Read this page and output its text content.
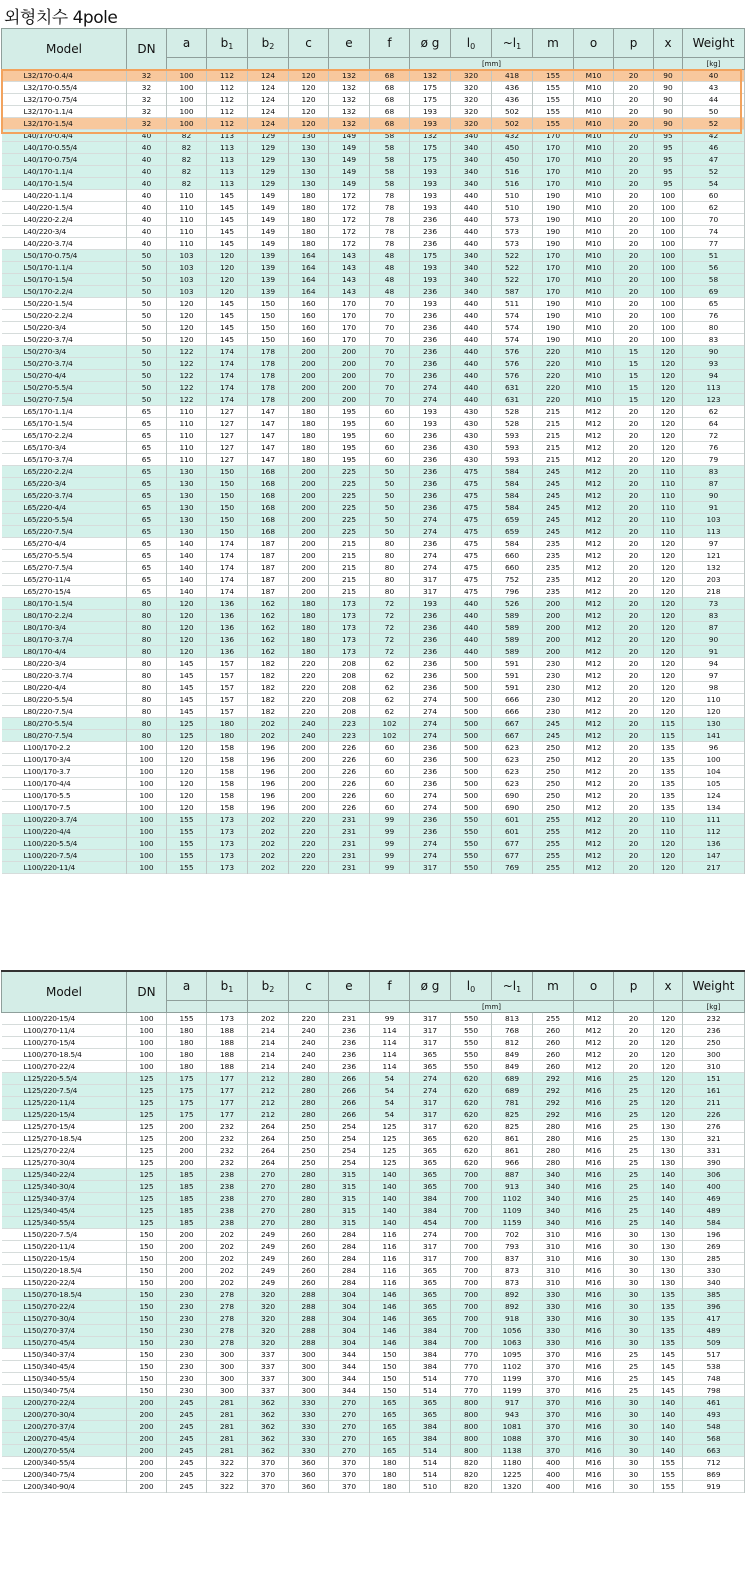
외형치수 4pole
Model	DN	a	b1	b2	c	e	f	ø g	l0	~l1	m	o	p	x	Weight
								[mm]							[kg]
L32/170-0.4/4	32	100	112	124	120	132	68	132	320	418	155	M10	20	90	40
L32/170-0.55/4	32	100	112	124	120	132	68	175	320	436	155	M10	20	90	43
L32/170-0.75/4	32	100	112	124	120	132	68	175	320	436	155	M10	20	90	44
L32/170-1.1/4	32	100	112	124	120	132	68	193	320	502	155	M10	20	90	50
L32/170-1.5/4	32	100	112	124	120	132	68	193	320	502	155	M10	20	90	52
L40/170-0.4/4	40	82	113	129	130	149	58	132	340	432	170	M10	20	95	42
L40/170-0.55/4	40	82	113	129	130	149	58	175	340	450	170	M10	20	95	46
L40/170-0.75/4	40	82	113	129	130	149	58	175	340	450	170	M10	20	95	47
L40/170-1.1/4	40	82	113	129	130	149	58	193	340	516	170	M10	20	95	52
L40/170-1.5/4	40	82	113	129	130	149	58	193	340	516	170	M10	20	95	54
L40/220-1.1/4	40	110	145	149	180	172	78	193	440	510	190	M10	20	100	60
L40/220-1.5/4	40	110	145	149	180	172	78	193	440	510	190	M10	20	100	62
L40/220-2.2/4	40	110	145	149	180	172	78	236	440	573	190	M10	20	100	70
L40/220-3/4	40	110	145	149	180	172	78	236	440	573	190	M10	20	100	74
L40/220-3.7/4	40	110	145	149	180	172	78	236	440	573	190	M10	20	100	77
L50/170-0.75/4	50	103	120	139	164	143	48	175	340	522	170	M10	20	100	51
L50/170-1.1/4	50	103	120	139	164	143	48	193	340	522	170	M10	20	100	56
L50/170-1.5/4	50	103	120	139	164	143	48	193	340	522	170	M10	20	100	58
L50/170-2.2/4	50	103	120	139	164	143	48	236	340	587	170	M10	20	100	69
L50/220-1.5/4	50	120	145	150	160	170	70	193	440	511	190	M10	20	100	65
L50/220-2.2/4	50	120	145	150	160	170	70	236	440	574	190	M10	20	100	76
L50/220-3/4	50	120	145	150	160	170	70	236	440	574	190	M10	20	100	80
L50/220-3.7/4	50	120	145	150	160	170	70	236	440	574	190	M10	20	100	83
L50/270-3/4	50	122	174	178	200	200	70	236	440	576	220	M10	15	120	90
L50/270-3.7/4	50	122	174	178	200	200	70	236	440	576	220	M10	15	120	93
L50/270-4/4	50	122	174	178	200	200	70	236	440	576	220	M10	15	120	94
L50/270-5.5/4	50	122	174	178	200	200	70	274	440	631	220	M10	15	120	113
L50/270-7.5/4	50	122	174	178	200	200	70	274	440	631	220	M10	15	120	123
L65/170-1.1/4	65	110	127	147	180	195	60	193	430	528	215	M12	20	120	62
L65/170-1.5/4	65	110	127	147	180	195	60	193	430	528	215	M12	20	120	64
L65/170-2.2/4	65	110	127	147	180	195	60	236	430	593	215	M12	20	120	72
L65/170-3/4	65	110	127	147	180	195	60	236	430	593	215	M12	20	120	76
L65/170-3.7/4	65	110	127	147	180	195	60	236	430	593	215	M12	20	120	79
L65/220-2.2/4	65	130	150	168	200	225	50	236	475	584	245	M12	20	110	83
L65/220-3/4	65	130	150	168	200	225	50	236	475	584	245	M12	20	110	87
L65/220-3.7/4	65	130	150	168	200	225	50	236	475	584	245	M12	20	110	90
L65/220-4/4	65	130	150	168	200	225	50	236	475	584	245	M12	20	110	91
L65/220-5.5/4	65	130	150	168	200	225	50	274	475	659	245	M12	20	110	103
L65/220-7.5/4	65	130	150	168	200	225	50	274	475	659	245	M12	20	110	113
L65/270-4/4	65	140	174	187	200	215	80	236	475	584	235	M12	20	120	97
L65/270-5.5/4	65	140	174	187	200	215	80	274	475	660	235	M12	20	120	121
L65/270-7.5/4	65	140	174	187	200	215	80	274	475	660	235	M12	20	120	132
L65/270-11/4	65	140	174	187	200	215	80	317	475	752	235	M12	20	120	203
L65/270-15/4	65	140	174	187	200	215	80	317	475	796	235	M12	20	120	218
L80/170-1.5/4	80	120	136	162	180	173	72	193	440	526	200	M12	20	120	73
L80/170-2.2/4	80	120	136	162	180	173	72	236	440	589	200	M12	20	120	83
L80/170-3/4	80	120	136	162	180	173	72	236	440	589	200	M12	20	120	87
L80/170-3.7/4	80	120	136	162	180	173	72	236	440	589	200	M12	20	120	90
L80/170-4/4	80	120	136	162	180	173	72	236	440	589	200	M12	20	120	91
L80/220-3/4	80	145	157	182	220	208	62	236	500	591	230	M12	20	120	94
L80/220-3.7/4	80	145	157	182	220	208	62	236	500	591	230	M12	20	120	97
L80/220-4/4	80	145	157	182	220	208	62	236	500	591	230	M12	20	120	98
L80/220-5.5/4	80	145	157	182	220	208	62	274	500	666	230	M12	20	120	110
L80/220-7.5/4	80	145	157	182	220	208	62	274	500	666	230	M12	20	120	120
L80/270-5.5/4	80	125	180	202	240	223	102	274	500	667	245	M12	20	115	130
L80/270-7.5/4	80	125	180	202	240	223	102	274	500	667	245	M12	20	115	141
L100/170-2.2	100	120	158	196	200	226	60	236	500	623	250	M12	20	135	96
L100/170-3/4	100	120	158	196	200	226	60	236	500	623	250	M12	20	135	100
L100/170-3.7	100	120	158	196	200	226	60	236	500	623	250	M12	20	135	104
L100/170-4/4	100	120	158	196	200	226	60	236	500	623	250	M12	20	135	105
L100/170-5.5	100	120	158	196	200	226	60	274	500	690	250	M12	20	135	124
L100/170-7.5	100	120	158	196	200	226	60	274	500	690	250	M12	20	135	134
L100/220-3.7/4	100	155	173	202	220	231	99	236	550	601	255	M12	20	110	111
L100/220-4/4	100	155	173	202	220	231	99	236	550	601	255	M12	20	110	112
L100/220-5.5/4	100	155	173	202	220	231	99	274	550	677	255	M12	20	120	136
L100/220-7.5/4	100	155	173	202	220	231	99	274	550	677	255	M12	20	120	147
L100/220-11/4	100	155	173	202	220	231	99	317	550	769	255	M12	20	120	217
Model	DN	a	b1	b2	c	e	f	ø g	l0	~l1	m	o	p	x	Weight
								[mm]							[kg]
L100/220-15/4	100	155	173	202	220	231	99	317	550	813	255	M12	20	120	232
L100/270-11/4	100	180	188	214	240	236	114	317	550	768	260	M12	20	120	236
L100/270-15/4	100	180	188	214	240	236	114	317	550	812	260	M12	20	120	250
L100/270-18.5/4	100	180	188	214	240	236	114	365	550	849	260	M12	20	120	300
L100/270-22/4	100	180	188	214	240	236	114	365	550	849	260	M12	20	120	310
L125/220-5.5/4	125	175	177	212	280	266	54	274	620	689	292	M16	25	120	151
L125/220-7.5/4	125	175	177	212	280	266	54	274	620	689	292	M16	25	120	161
L125/220-11/4	125	175	177	212	280	266	54	317	620	781	292	M16	25	120	211
L125/220-15/4	125	175	177	212	280	266	54	317	620	825	292	M16	25	120	226
L125/270-15/4	125	200	232	264	250	254	125	317	620	825	280	M16	25	130	276
L125/270-18.5/4	125	200	232	264	250	254	125	365	620	861	280	M16	25	130	321
L125/270-22/4	125	200	232	264	250	254	125	365	620	861	280	M16	25	130	331
L125/270-30/4	125	200	232	264	250	254	125	365	620	966	280	M16	25	130	390
L125/340-22/4	125	185	238	270	280	315	140	365	700	887	340	M16	25	140	306
L125/340-30/4	125	185	238	270	280	315	140	365	700	913	340	M16	25	140	400
L125/340-37/4	125	185	238	270	280	315	140	384	700	1102	340	M16	25	140	469
L125/340-45/4	125	185	238	270	280	315	140	384	700	1109	340	M16	25	140	489
L125/340-55/4	125	185	238	270	280	315	140	454	700	1159	340	M16	25	140	584
L150/220-7.5/4	150	200	202	249	260	284	116	274	700	702	310	M16	30	130	196
L150/220-11/4	150	200	202	249	260	284	116	317	700	793	310	M16	30	130	269
L150/220-15/4	150	200	202	249	260	284	116	317	700	837	310	M16	30	130	285
L150/220-18.5/4	150	200	202	249	260	284	116	365	700	873	310	M16	30	130	330
L150/220-22/4	150	200	202	249	260	284	116	365	700	873	310	M16	30	130	340
L150/270-18.5/4	150	230	278	320	288	304	146	365	700	892	330	M16	30	135	385
L150/270-22/4	150	230	278	320	288	304	146	365	700	892	330	M16	30	135	396
L150/270-30/4	150	230	278	320	288	304	146	365	700	918	330	M16	30	135	417
L150/270-37/4	150	230	278	320	288	304	146	384	700	1056	330	M16	30	135	489
L150/270-45/4	150	230	278	320	288	304	146	384	700	1063	330	M16	30	135	509
L150/340-37/4	150	230	300	337	300	344	150	384	770	1095	370	M16	25	145	517
L150/340-45/4	150	230	300	337	300	344	150	384	770	1102	370	M16	25	145	538
L150/340-55/4	150	230	300	337	300	344	150	514	770	1199	370	M16	25	145	748
L150/340-75/4	150	230	300	337	300	344	150	514	770	1199	370	M16	25	145	798
L200/270-22/4	200	245	281	362	330	270	165	365	800	917	370	M16	30	140	461
L200/270-30/4	200	245	281	362	330	270	165	365	800	943	370	M16	30	140	493
L200/270-37/4	200	245	281	362	330	270	165	384	800	1081	370	M16	30	140	548
L200/270-45/4	200	245	281	362	330	270	165	384	800	1088	370	M16	30	140	568
L200/270-55/4	200	245	281	362	330	270	165	514	800	1138	370	M16	30	140	663
L200/340-55/4	200	245	322	370	360	370	180	514	820	1180	400	M16	30	155	712
L200/340-75/4	200	245	322	370	360	370	180	514	820	1225	400	M16	30	155	869
L200/340-90/4	200	245	322	370	360	370	180	510	820	1320	400	M16	30	155	919
